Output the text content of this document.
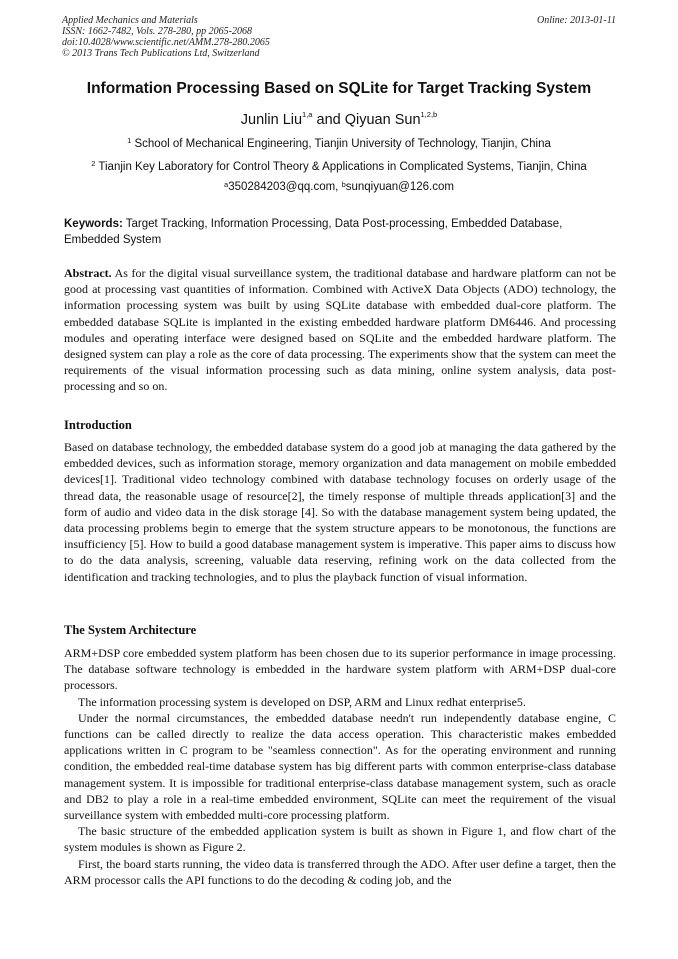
Applied Mechanics and Materials
ISSN: 1662-7482, Vols. 278-280, pp 2065-2068
doi:10.4028/www.scientific.net/AMM.278-280.2065
© 2013 Trans Tech Publications Ltd, Switzerland
Online: 2013-01-11
Information Processing Based on SQLite for Target Tracking System
Junlin Liu$^{1,a}$ and Qiyuan Sun$^{1,2,b}$
$^1$ School of Mechanical Engineering, Tianjin University of Technology, Tianjin, China
$^2$ Tianjin Key Laboratory for Control Theory & Applications in Complicated Systems, Tianjin, China
$^a$350284203@qq.com, $^b$sunqiyuan@126.com
Keywords: Target Tracking, Information Processing, Data Post-processing, Embedded Database, Embedded System
Abstract. As for the digital visual surveillance system, the traditional database and hardware platform can not be good at processing vast quantities of information. Combined with ActiveX Data Objects (ADO) technology, the information processing system was built by using SQLite database with embedded dual-core platform. The embedded database SQLite is implanted in the existing embedded hardware platform DM6446. And processing modules and operating interface were designed based on SQLite and the embedded hardware platform. The designed system can play a role as the core of data processing. The experiments show that the system can meet the requirements of the visual information processing such as data mining, online system analysis, data post-processing and so on.
Introduction
Based on database technology, the embedded database system do a good job at managing the data gathered by the embedded devices, such as information storage, memory organization and data management on mobile embedded devices[1]. Traditional video technology combined with database technology focuses on orderly usage of the thread data, the reasonable usage of resource[2], the timely response of multiple threads application[3] and the form of audio and video data in the disk storage [4]. So with the database management system being updated, the data processing problems begin to emerge that the system structure appears to be monotonous, the functions are insufficiency [5]. How to build a good database management system is imperative. This paper aims to discuss how to do the data analysis, screening, valuable data reserving, refining work on the data collected from the identification and tracking technologies, and to plus the playback function of visual information.
The System Architecture

ARM+DSP core embedded system platform has been chosen due to its superior performance in image processing. The database software technology is embedded in the hardware system platform with ARM+DSP dual-core processors.

The information processing system is developed on DSP, ARM and Linux redhat enterprise5.

Under the normal circumstances, the embedded database needn't run independently database engine, C functions can be called directly to realize the data access operation. This characteristic makes embedded applications written in C program to be "seamless connection". As for the operating environment and running condition, the embedded real-time database system has big different parts with common enterprise-class database management system. It is impossible for traditional enterprise-class database management system, such as oracle and DB2 to play a role in a real-time embedded environment, SQLite can meet the requirement of the visual surveillance system with embedded multi-core processing platform.

The basic structure of the embedded application system is built as shown in Figure 1, and flow chart of the system modules is shown as Figure 2.

First, the board starts running, the video data is transferred through the ADO. After user define a target, then the ARM processor calls the API functions to do the decoding & coding job, and the
